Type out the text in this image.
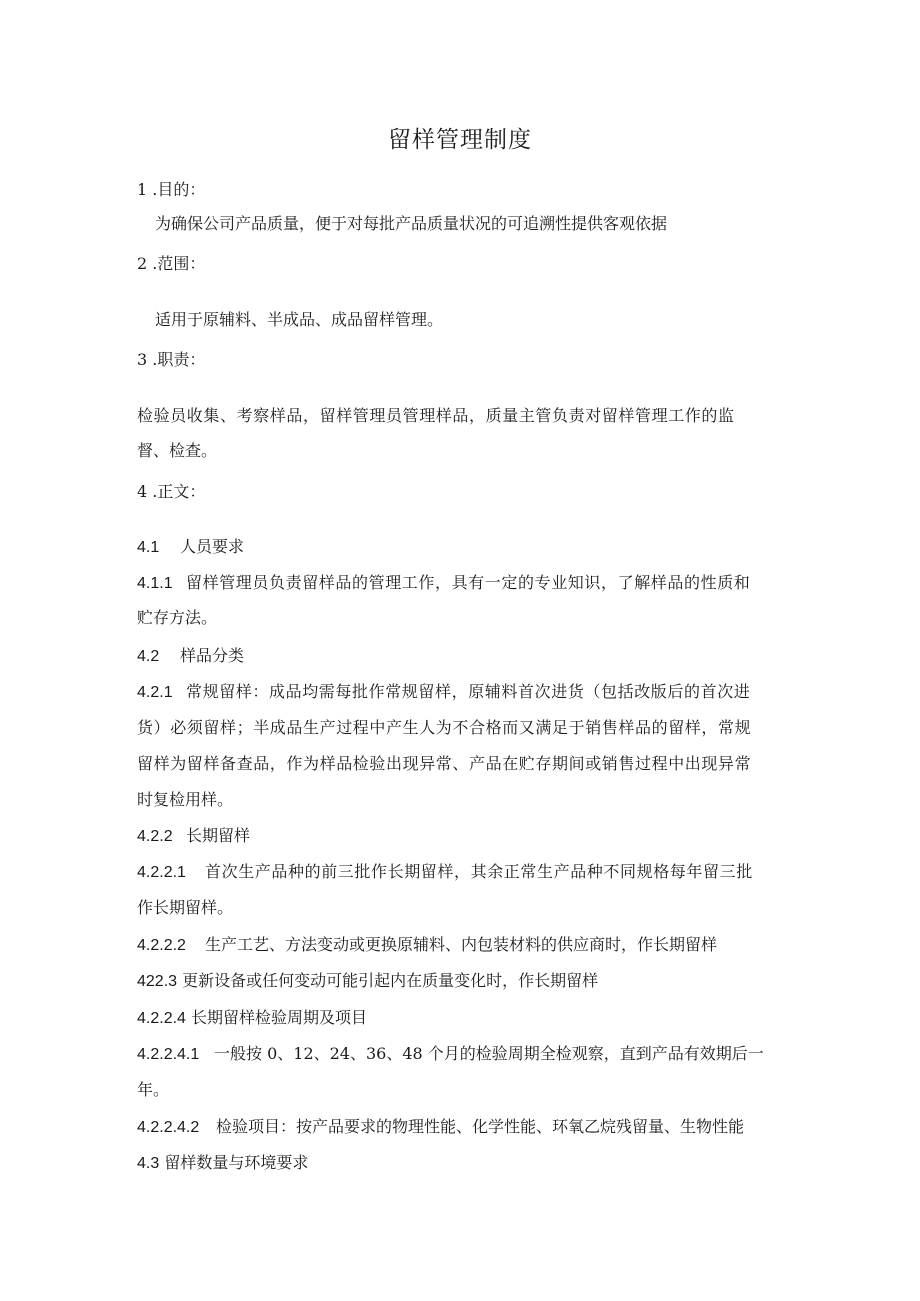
留样管理制度
1 .目的：
为确保公司产品质量，便于对每批产品质量状况的可追溯性提供客观依据
2 .范围：
适用于原辅料、半成品、成品留样管理。
3 .职责：
检验员收集、考察样品，留样管理员管理样品，质量主管负责对留样管理工作的监
督、检查。
4 .正文：
4.1 人员要求
4.1.1 留样管理员负责留样品的管理工作，具有一定的专业知识，了解样品的性质和
贮存方法。
4.2 样品分类
4.2.1 常规留样：成品均需每批作常规留样，原辅料首次进货（包括改版后的首次进
货）必须留样；半成品生产过程中产生人为不合格而又满足于销售样品的留样，常规
留样为留样备查品，作为样品检验出现异常、产品在贮存期间或销售过程中出现异常
时复检用样。
4.2.2 长期留样
4.2.2.1 首次生产品种的前三批作长期留样，其余正常生产品种不同规格每年留三批
作长期留样。
4.2.2.2 生产工艺、方法变动或更换原辅料、内包装材料的供应商时，作长期留样
422.3 更新设备或任何变动可能引起内在质量变化时，作长期留样
4.2.2.4 长期留样检验周期及项目
4.2.2.4.1 一般按 0、12、24、36、48 个月的检验周期全检观察，直到产品有效期后一
年。
4.2.2.4.2 检验项目：按产品要求的物理性能、化学性能、环氧乙烷残留量、生物性能
4.3 留样数量与环境要求
